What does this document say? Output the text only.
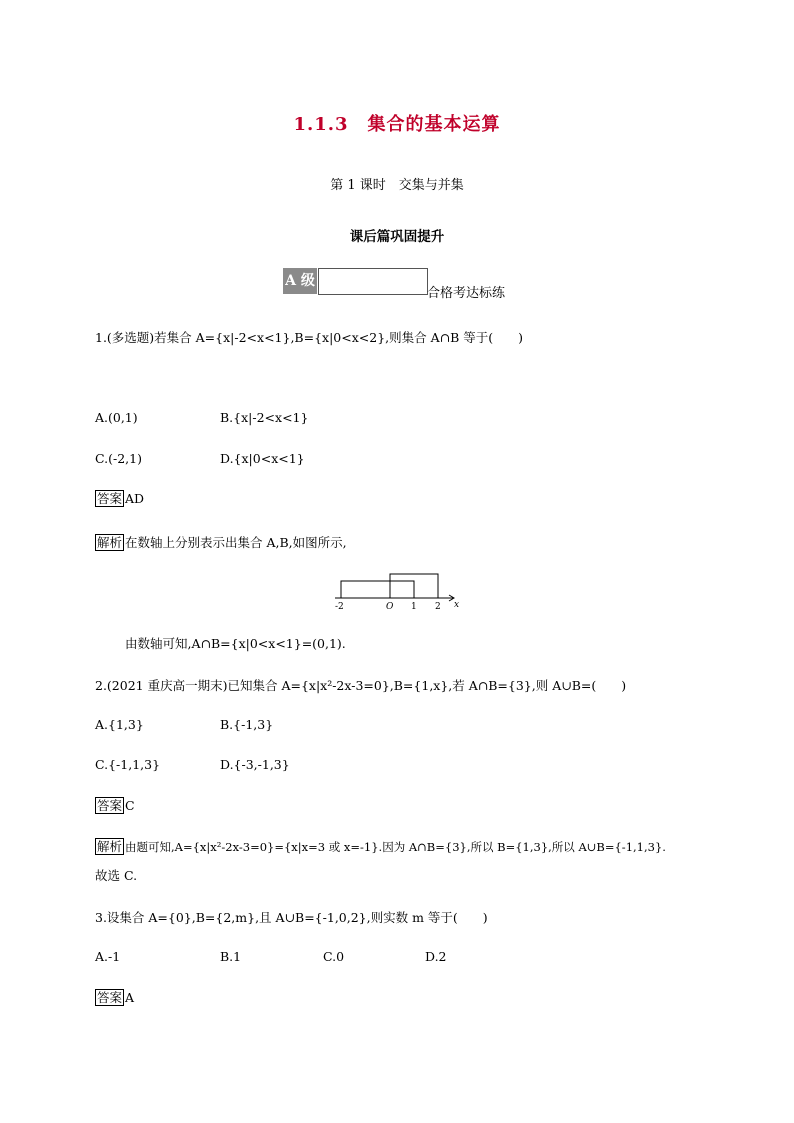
1.1.3　集合的基本运算
第 1 课时　交集与并集
课后篇巩固提升
A 级
合格考达标练
1.(多选题)若集合 A={x|-2<x<1},B={x|0<x<2},则集合 A∩B 等于(　　)
A.(0,1)	B.{x|-2<x<1}
C.(-2,1)	D.{x|0<x<1}
答案 AD
解析 在数轴上分别表示出集合 A,B,如图所示,
-2	O 1 2 x
由数轴可知,A∩B={x|0<x<1}=(0,1).
2.(2021 重庆高一期末)已知集合 A={x|x²-2x-3=0},B={1,x},若 A∩B={3},则 A∪B=(　　)
A.{1,3}	B.{-1,3}
C.{-1,1,3}	D.{-3,-1,3}
答案 C
解析 由题可知,A={x|x²-2x-3=0}={x|x=3 或 x=-1}.因为 A∩B={3},所以 B={1,3},所以 A∪B={-1,1,3}.
故选 C.
3.设集合 A={0},B={2,m},且 A∪B={-1,0,2},则实数 m 等于(　　)
A.-1	B.1	C.0	D.2
答案 A
